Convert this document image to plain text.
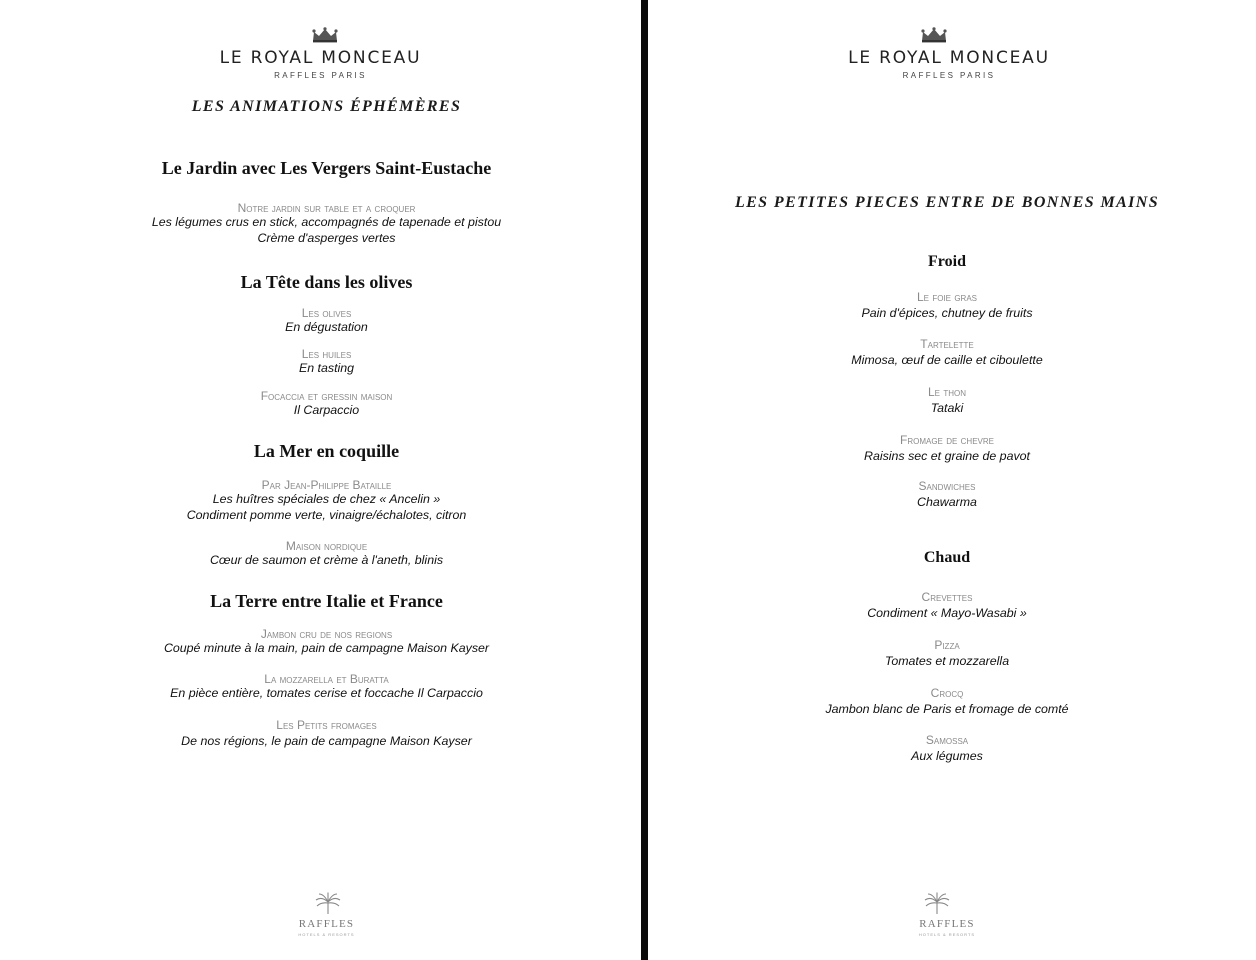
LE ROYAL MONCEAU
RAFFLES PARIS
LES ANIMATIONS ÉPHÉMÈRES
Le Jardin avec Les Vergers Saint-Eustache
Notre jardin sur table et a croquer
Les légumes crus en stick, accompagnés de tapenade et pistou
Crème d'asperges vertes
La Tête dans les olives
Les olives
En dégustation
Les huiles
En tasting
Focaccia et gressin maison
Il Carpaccio
La Mer en coquille
Par Jean-Philippe Bataille
Les huîtres spéciales de chez « Ancelin »
Condiment pomme verte, vinaigre/échalotes, citron
Maison nordique
Cœur de saumon et crème à l'aneth, blinis
La Terre entre Italie et France
Jambon cru de nos regions
Coupé minute à la main, pain de campagne Maison Kayser
La mozzarella et Buratta
En pièce entière, tomates cerise et foccache Il Carpaccio
Les Petits fromages
De nos régions, le pain de campagne Maison Kayser
RAFFLES
HOTELS & RESORTS
LE ROYAL MONCEAU
RAFFLES PARIS
LES PETITES PIECES ENTRE DE BONNES MAINS
Froid
Le foie gras
Pain d'épices, chutney de fruits
Tartelette
Mimosa, œuf de caille et ciboulette
Le thon
Tataki
Fromage de chevre
Raisins sec et graine de pavot
Sandwiches
Chawarma
Chaud
Crevettes
Condiment « Mayo-Wasabi »
Pizza
Tomates et mozzarella
Crocq
Jambon blanc de Paris et fromage de comté
Samossa
Aux légumes
RAFFLES
HOTELS & RESORTS
